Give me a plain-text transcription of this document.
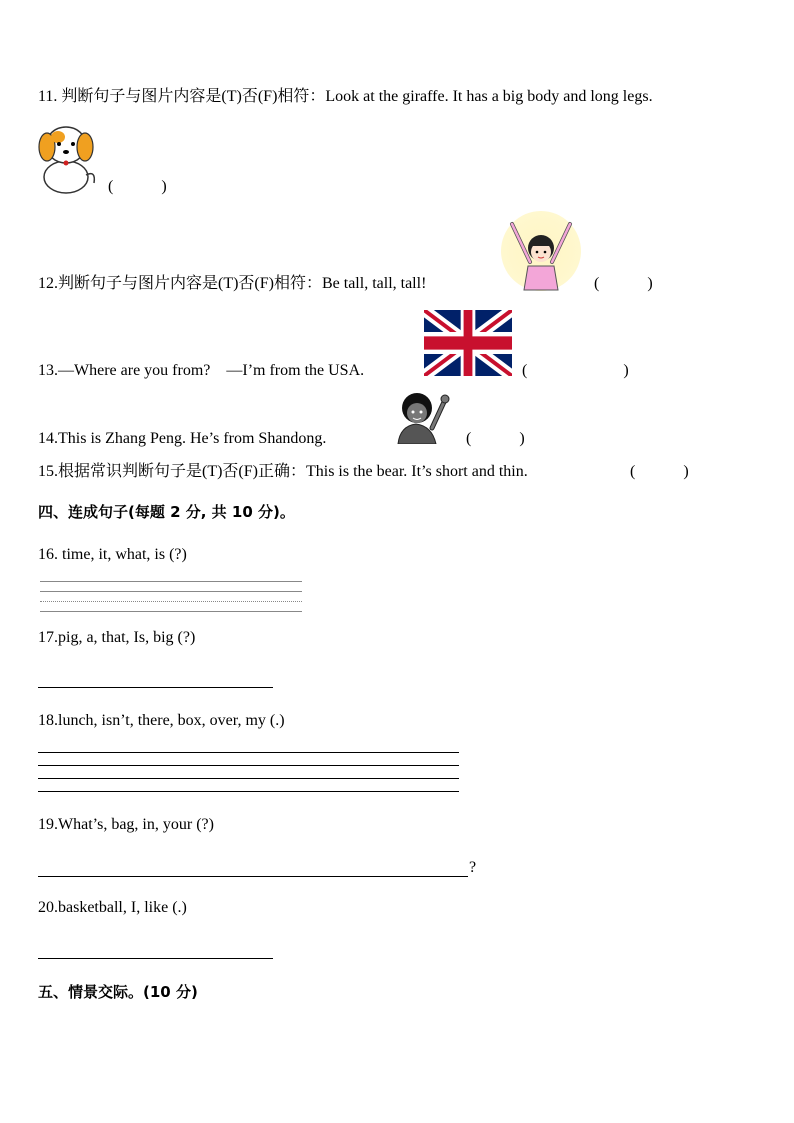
11. 判断句子与图片内容是(T)否(F)相符：Look at the giraffe. It has a big body and long legs.
(　　　)
12.判断句子与图片内容是(T)否(F)相符：Be tall, tall, tall!	(　　　)
13.—Where are you from?　—I’m from the USA.	(　　　　　　)
14.This is Zhang Peng. He’s from Shandong.	(　　　)
15.根据常识判断句子是(T)否(F)正确：This is the bear. It’s short and thin.	(　　　)
四、连成句子(每题 2 分, 共 10 分)。
16. time, it, what, is (?)
17.pig, a, that, Is, big (?)
18.lunch, isn’t, there, box, over, my (.)
19.What’s, bag, in, your (?)
?
20.basketball, I, like (.)
五、情景交际。(10 分)
